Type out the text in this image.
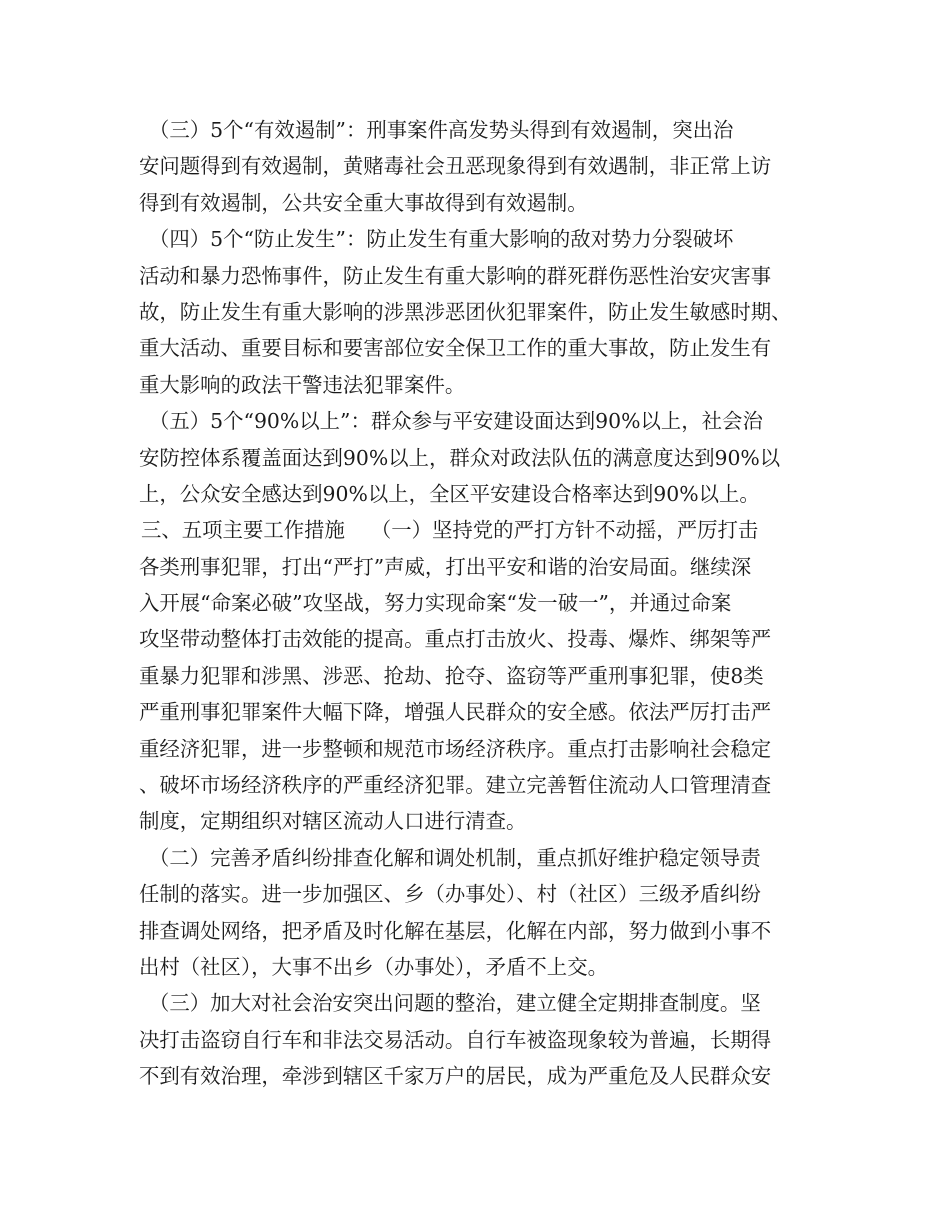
（三）5个“有效遏制”：刑事案件高发势头得到有效遏制，突出治
安问题得到有效遏制，黄赌毒社会丑恶现象得到有效遇制，非正常上访
得到有效遏制，公共安全重大事故得到有效遏制。
（四）5个“防止发生”：防止发生有重大影响的敌对势力分裂破坏
活动和暴力恐怖事件，防止发生有重大影响的群死群伤恶性治安灾害事
故，防止发生有重大影响的涉黑涉恶团伙犯罪案件，防止发生敏感时期、
重大活动、重要目标和要害部位安全保卫工作的重大事故，防止发生有
重大影响的政法干警违法犯罪案件。
（五）5个“90%以上”：群众参与平安建设面达到90%以上，社会治
安防控体系覆盖面达到90%以上，群众对政法队伍的满意度达到90%以
上，公众安全感达到90%以上，全区平安建设合格率达到90%以上。
三、五项主要工作措施    （一）坚持党的严打方针不动摇，严厉打击
各类刑事犯罪，打出“严打”声威，打出平安和谐的治安局面。继续深
入开展“命案必破”攻坚战，努力实现命案“发一破一”，并通过命案
攻坚带动整体打击效能的提高。重点打击放火、投毒、爆炸、绑架等严
重暴力犯罪和涉黑、涉恶、抢劫、抢夺、盗窃等严重刑事犯罪，使8类
严重刑事犯罪案件大幅下降，增强人民群众的安全感。依法严厉打击严
重经济犯罪，进一步整顿和规范市场经济秩序。重点打击影响社会稳定
、破坏市场经济秩序的严重经济犯罪。建立完善暂住流动人口管理清查
制度，定期组织对辖区流动人口进行清查。
（二）完善矛盾纠纷排查化解和调处机制，重点抓好维护稳定领导责
任制的落实。进一步加强区、乡（办事处）、村（社区）三级矛盾纠纷
排查调处网络，把矛盾及时化解在基层，化解在内部，努力做到小事不
出村（社区），大事不出乡（办事处），矛盾不上交。
（三）加大对社会治安突出问题的整治，建立健全定期排查制度。坚
决打击盗窃自行车和非法交易活动。自行车被盗现象较为普遍，长期得
不到有效治理，牵涉到辖区千家万户的居民，成为严重危及人民群众安
